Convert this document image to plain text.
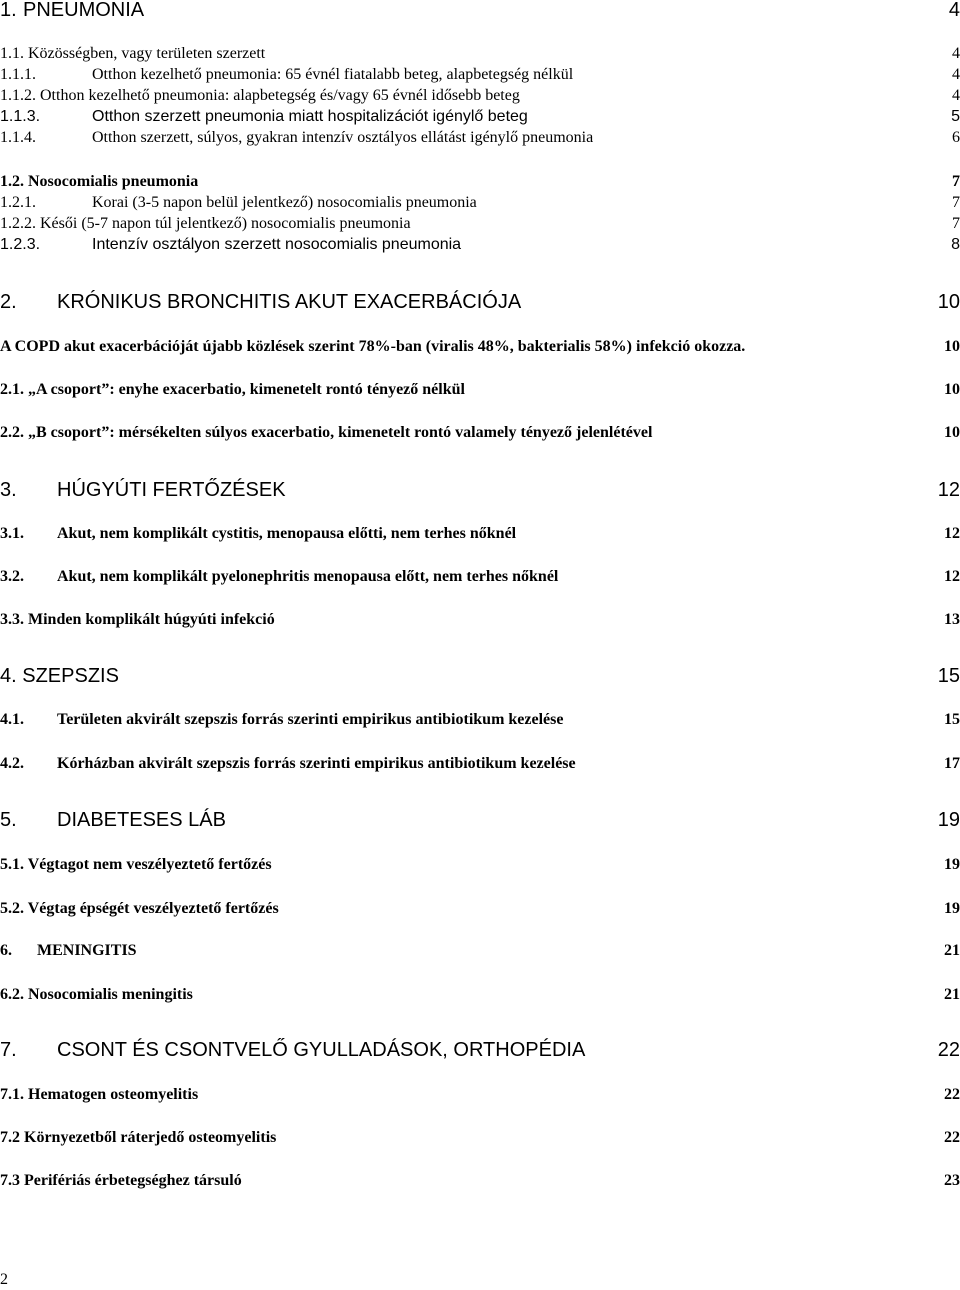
1. PNEUMONIA	4
1.1. Közösségben, vagy területen szerzett	4
1.1.1.	Otthon kezelhető pneumonia: 65 évnél fiatalabb beteg, alapbetegség nélkül	4
1.1.2. Otthon kezelhető pneumonia: alapbetegség és/vagy 65 évnél idősebb beteg	4
1.1.3.	Otthon szerzett pneumonia miatt hospitalizációt igénylő beteg	5
1.1.4.	Otthon szerzett, súlyos, gyakran intenzív osztályos ellátást igénylő pneumonia	6
1.2. Nosocomialis pneumonia	7
1.2.1.	Korai (3-5 napon belül jelentkező) nosocomialis pneumonia	7
1.2.2. Késői (5-7 napon túl jelentkező) nosocomialis pneumonia	7
1.2.3.	Intenzív osztályon szerzett nosocomialis pneumonia	8
2. KRÓNIKUS BRONCHITIS AKUT EXACERBÁCIÓJA	10
A COPD akut exacerbációját újabb közlések szerint 78%-ban (viralis 48%, bakterialis 58%) infekció okozza.	10
2.1. „A csoport”: enyhe exacerbatio, kimenetelt rontó tényező nélkül	10
2.2. „B csoport”: mérsékelten súlyos exacerbatio, kimenetelt rontó valamely tényező jelenlétével	10
3. HÚGYÚTI FERTŐZÉSEK	12
3.1. Akut, nem komplikált cystitis, menopausa előtti, nem terhes nőknél	12
3.2. Akut, nem komplikált pyelonephritis menopausa előtt, nem terhes nőknél	12
3.3. Minden komplikált húgyúti infekció	13
4. SZEPSZIS	15
4.1. Területen akvirált szepszis forrás szerinti empirikus antibiotikum kezelése	15
4.2. Kórházban akvirált szepszis forrás szerinti empirikus antibiotikum kezelése	17
5. DIABETESES LÁB	19
5.1. Végtagot nem veszélyeztető fertőzés	19
5.2. Végtag épségét veszélyeztető fertőzés	19
6. MENINGITIS	21
6.2. Nosocomialis meningitis	21
7. CSONT ÉS CSONTVELŐ GYULLADÁSOK, ORTHOPÉDIA	22
7.1. Hematogen osteomyelitis	22
7.2 Környezetből ráterjedő osteomyelitis	22
7.3 Perifériás érbetegséghez társuló	23
2
